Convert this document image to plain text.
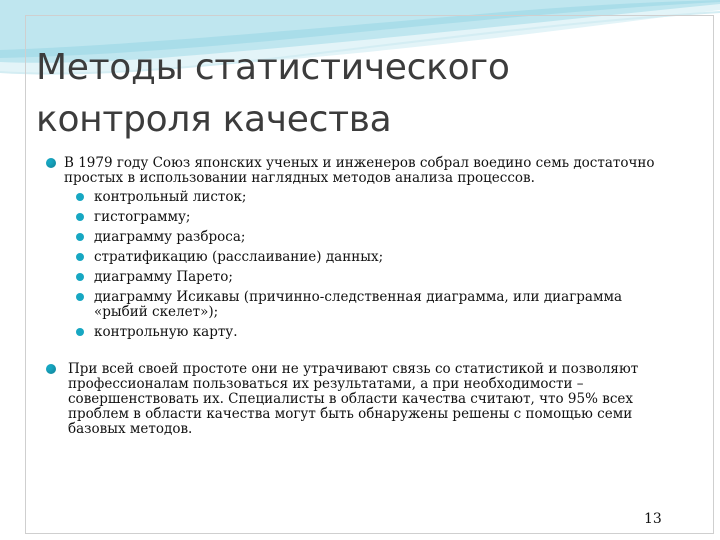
Методы статистического
контроля качества
В 1979 году Союз японских ученых и инженеров собрал воедино семь достаточно простых в использовании наглядных методов анализа процессов.
контрольный листок;
гистограмму;
диаграмму разброса;
стратификацию (расслаивание) данных;
диаграмму Парето;
диаграмму Исикавы (причинно-следственная диаграмма, или диаграмма «рыбий скелет»);
контрольную карту.
При всей своей простоте они не утрачивают связь со статистикой и позволяют профессионалам пользоваться их результатами, а при необходимости – совершенствовать их. Специалисты в области качества считают, что 95% всех проблем в области качества могут быть обнаружены решены с помощью семи базовых методов.
13
